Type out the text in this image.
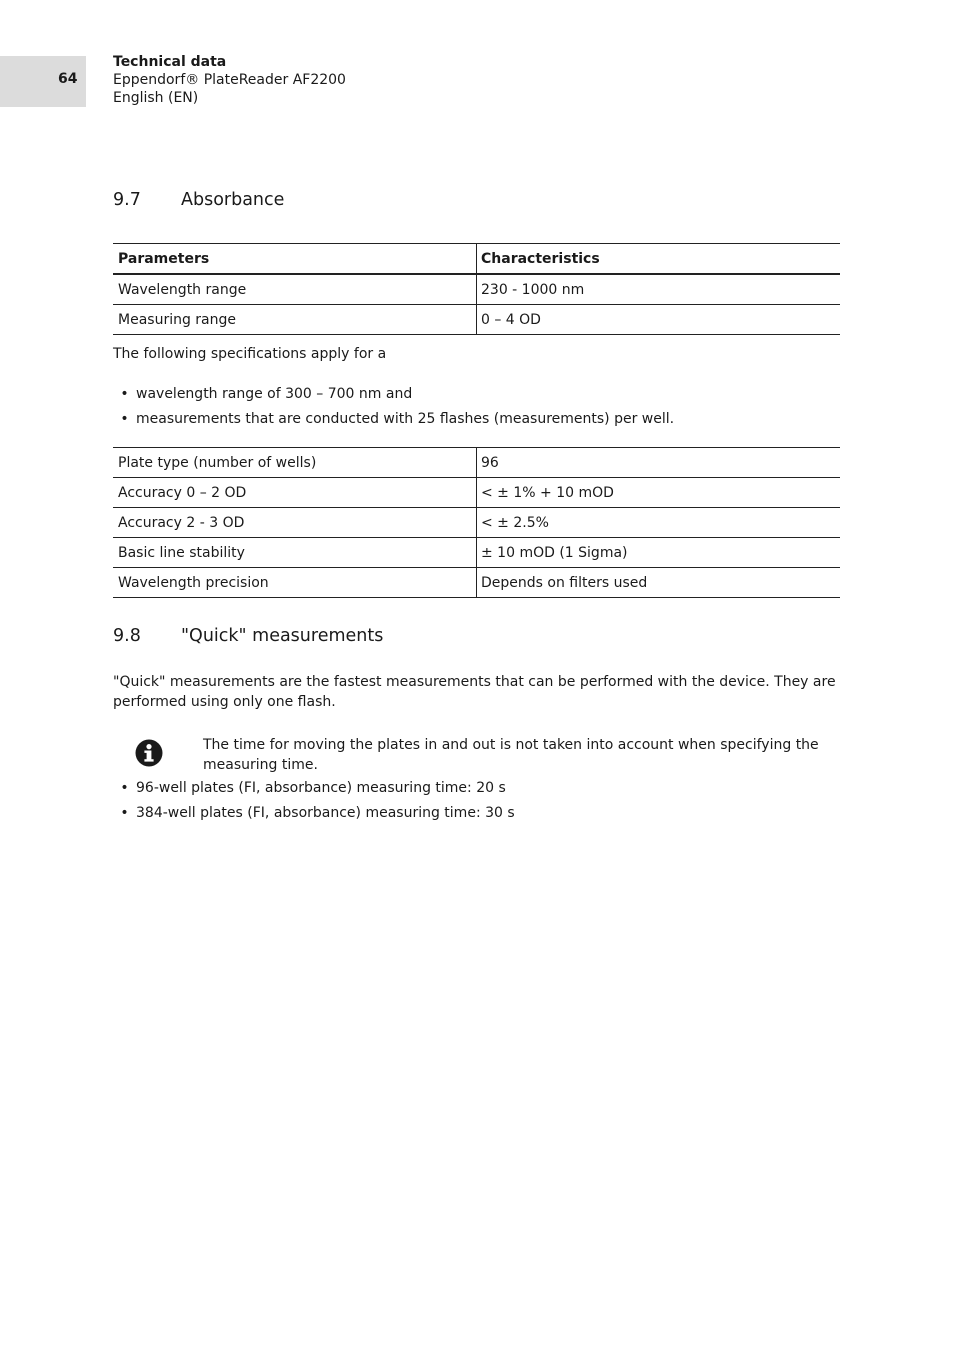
64
Technical data
Eppendorf® PlateReader AF2200
English (EN)
9.7 Absorbance
Parameters	Characteristics
Wavelength range	230 - 1000 nm
Measuring range	0 – 4 OD
The following specifications apply for a
• wavelength range of 300 – 700 nm and
• measurements that are conducted with 25 flashes (measurements) per well.
Plate type (number of wells)	96
Accuracy 0 – 2 OD	< ± 1% + 10 mOD
Accuracy 2 - 3 OD	< ± 2.5%
Basic line stability	± 10 mOD (1 Sigma)
Wavelength precision	Depends on filters used
9.8 "Quick" measurements
"Quick" measurements are the fastest measurements that can be performed with the device. They are performed using only one flash.
The time for moving the plates in and out is not taken into account when specifying the measuring time.
• 96-well plates (FI, absorbance) measuring time: 20 s
• 384-well plates (FI, absorbance) measuring time: 30 s
